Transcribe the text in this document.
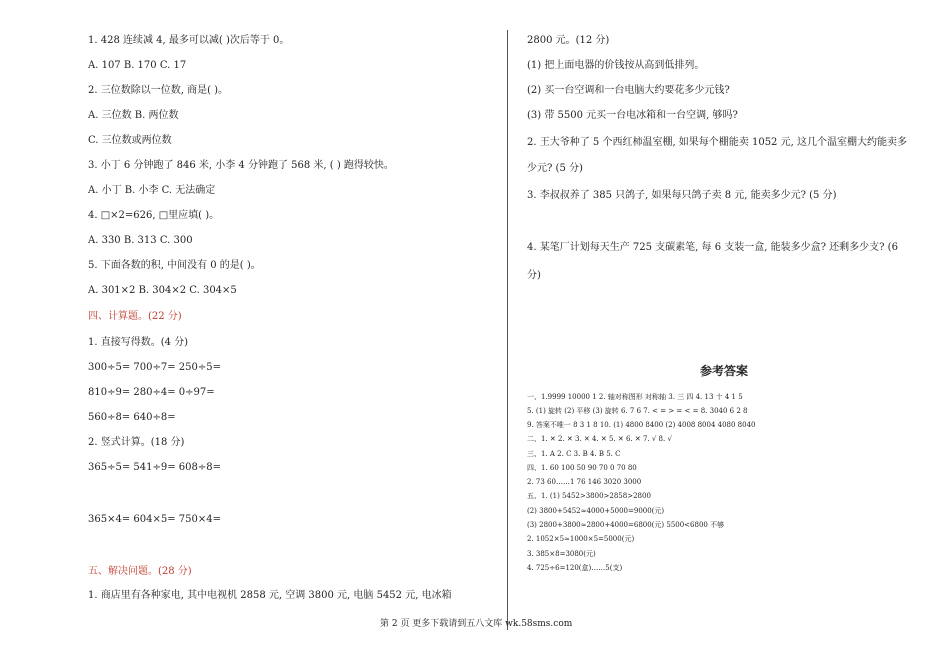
1. 428 连续减 4, 最多可以减( )次后等于 0。
A. 107 B. 170 C. 17
2. 三位数除以一位数, 商是( )。
A. 三位数 B. 两位数
C. 三位数或两位数
3. 小丁 6 分钟跑了 846 米, 小李 4 分钟跑了 568 米, ( ) 跑得较快。
A. 小丁 B. 小李 C. 无法确定
4. □×2=626, □里应填( )。
A. 330 B. 313 C. 300
5. 下面各数的积, 中间没有 0 的是( )。
A. 301×2 B. 304×2 C. 304×5
四、计算题。(22 分)
1. 直接写得数。(4 分)
300÷5= 700÷7= 250÷5=
810÷9= 280÷4= 0÷97=
560÷8= 640÷8=
2. 竖式计算。(18 分)
365÷5= 541÷9= 608÷8=
365×4= 604×5= 750×4=
五、解决问题。(28 分)
1. 商店里有各种家电, 其中电视机 2858 元, 空调 3800 元, 电脑 5452 元, 电冰箱
2800 元。(12 分)
(1) 把上面电器的价钱按从高到低排列。
(2) 买一台空调和一台电脑大约要花多少元钱?
(3) 带 5500 元买一台电冰箱和一台空调, 够吗?
2. 王大爷种了 5 个西红柿温室棚, 如果每个棚能卖 1052 元, 这几个温室棚大约能卖多
少元? (5 分)
3. 李叔叔养了 385 只鸽子, 如果每只鸽子卖 8 元, 能卖多少元? (5 分)
4. 某笔厂计划每天生产 725 支碳素笔, 每 6 支装一盒, 能装多少盒? 还剩多少支? (6
分)
参考答案
一、1.9999 10000 1 2. 轴对称图形 对称轴 3. 三 四 4. 13 十 4 1 5
5. (1) 旋转 (2) 平移 (3) 旋转 6. 7 6 7. < = > = < = 8. 3040 6 2 8
9. 答案不唯一 8 3 1 8 10. (1) 4800 8400 (2) 4008 8004 4080 8040
二、1. ✕ 2. ✕ 3. ✕ 4. ✕ 5. ✕ 6. ✕ 7. √ 8. √
三、1. A 2. C 3. B 4. B 5. C
四、1. 60 100 50 90 70 0 70 80
2. 73 60……1 76 146 3020 3000
五、1. (1) 5452>3800>2858>2800
(2) 3800+5452≈4000+5000=9000(元)
(3) 2800+3800≈2800+4000=6800(元) 5500<6800 不够
2. 1052×5≈1000×5=5000(元)
3. 385×8=3080(元)
4. 725÷6=120(盒)……5(支)
第 2 页 更多下载请到五八文库 wk.58sms.com
